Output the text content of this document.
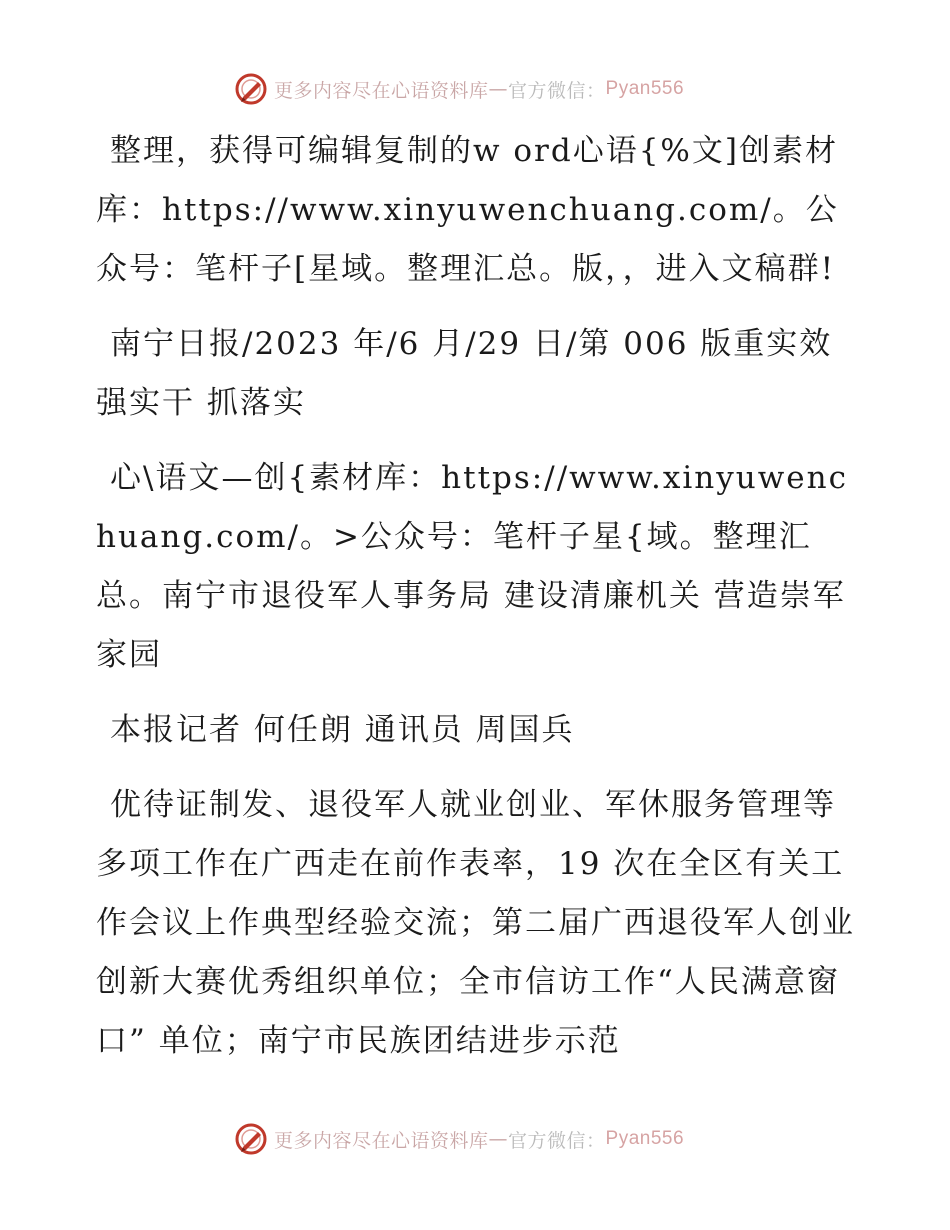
更多内容尽在心语资料库 — 官方微信： Pyan556

整理，获得可编辑复制的w ord心语{%文]创素材库：https://www.xinyuwenchuang.com/。公众号：笔杆子[星域。整理汇总。版，，进入文稿群!

南宁日报/2023 年/6 月/29 日/第 006 版重实效强实干 抓落实

心\语文—创{素材库：https://www.xinyuwenchuang.com/。>公众号：笔杆子星{域。整理汇总。南宁市退役军人事务局 建设清廉机关 营造崇军家园

本报记者 何任朗 通讯员 周国兵

优待证制发、退役军人就业创业、军休服务管理等多项工作在广西走在前作表率，19 次在全区有关工作会议上作典型经验交流；第二届广西退役军人创业创新大赛优秀组织单位；全市信访工作“人民满意窗口” 单位；南宁市民族团结进步示范

更多内容尽在心语资料库 — 官方微信： Pyan556
